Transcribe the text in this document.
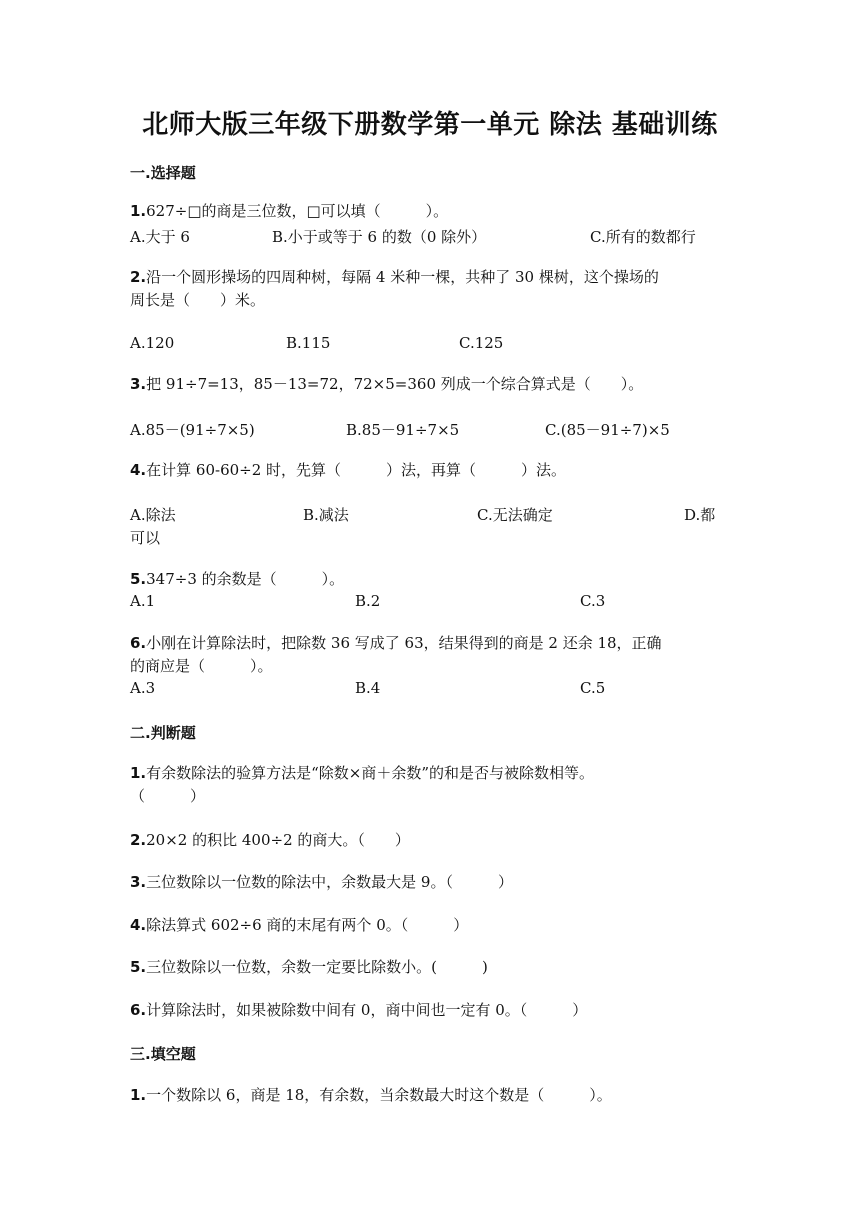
北师大版三年级下册数学第一单元 除法 基础训练
一.选择题
1.627÷□的商是三位数，□可以填（　　　）。
A.大于 6	B.小于或等于 6 的数（0 除外）	C.所有的数都行
2.沿一个圆形操场的四周种树，每隔 4 米种一棵，共种了 30 棵树，这个操场的
周长是（　　）米。
A.120	B.115	C.125
3.把 91÷7=13，85－13=72，72×5=360 列成一个综合算式是（　　）。
A.85－(91÷7×5)	B.85－91÷7×5	C.(85－91÷7)×5
4.在计算 60-60÷2 时，先算（　　　）法，再算（　　　）法。
A.除法	B.减法	C.无法确定	D.都
可以
5.347÷3 的余数是（　　　）。
A.1	B.2	C.3
6.小刚在计算除法时，把除数 36 写成了 63，结果得到的商是 2 还余 18，正确
的商应是（　　　）。
A.3	B.4	C.5
二.判断题
1.有余数除法的验算方法是“除数×商＋余数”的和是否与被除数相等。
（　　　）
2.20×2 的积比 400÷2 的商大。（　　）
3.三位数除以一位数的除法中，余数最大是 9。（　　　）
4.除法算式 602÷6 商的末尾有两个 0。（　　　）
5.三位数除以一位数，余数一定要比除数小。(　　　)
6.计算除法时，如果被除数中间有 0，商中间也一定有 0。（　　　）
三.填空题
1.一个数除以 6，商是 18，有余数，当余数最大时这个数是（　　　）。
